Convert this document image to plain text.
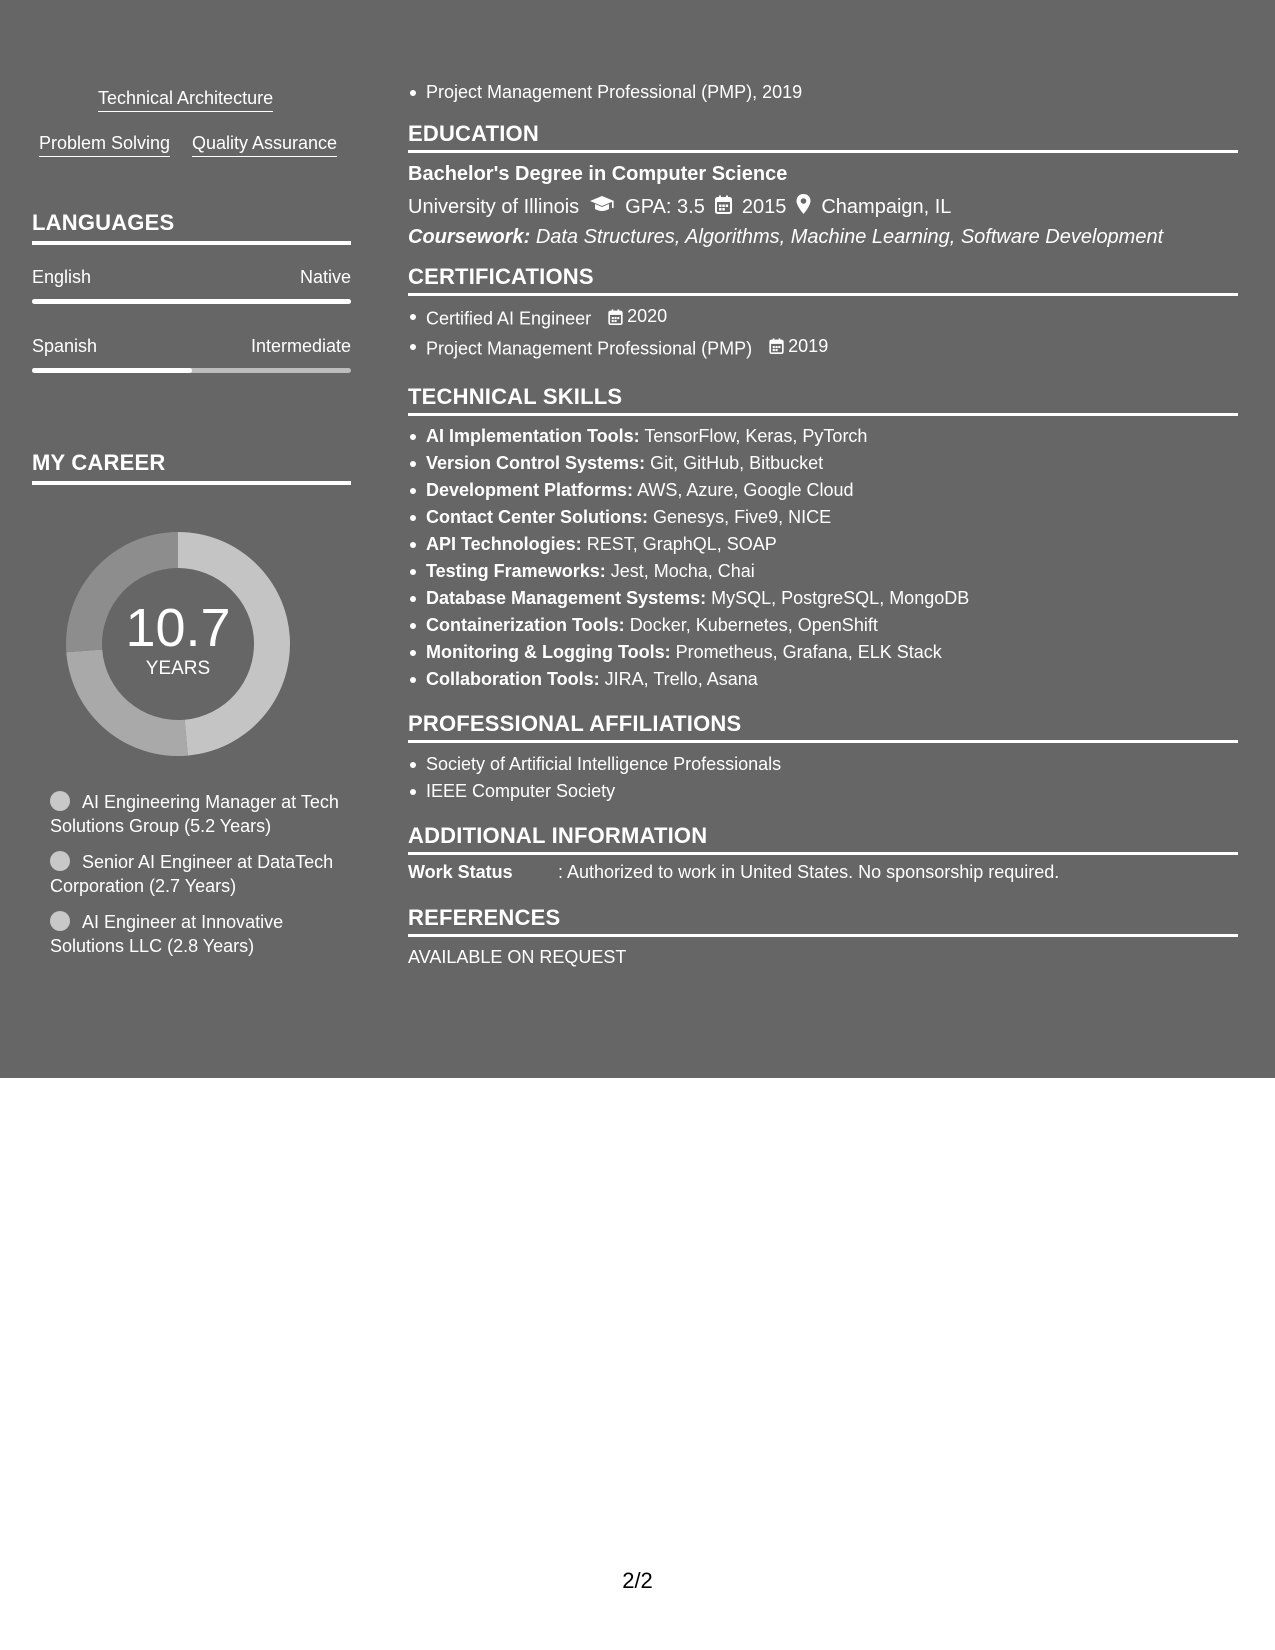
Technical Architecture
Problem Solving Quality Assurance
LANGUAGES
English	Native
Spanish	Intermediate
MY CAREER
10.7
YEARS
AI Engineering Manager at Tech Solutions Group (5.2 Years)
Senior AI Engineer at DataTech Corporation (2.7 Years)
AI Engineer at Innovative Solutions LLC (2.8 Years)
Project Management Professional (PMP), 2019
EDUCATION
Bachelor's Degree in Computer Science
University of Illinois GPA: 3.5 2015 Champaign, IL
Coursework: Data Structures, Algorithms, Machine Learning, Software Development
CERTIFICATIONS
Certified AI Engineer 2020
Project Management Professional (PMP) 2019
TECHNICAL SKILLS
AI Implementation Tools: TensorFlow, Keras, PyTorch
Version Control Systems: Git, GitHub, Bitbucket
Development Platforms: AWS, Azure, Google Cloud
Contact Center Solutions: Genesys, Five9, NICE
API Technologies: REST, GraphQL, SOAP
Testing Frameworks: Jest, Mocha, Chai
Database Management Systems: MySQL, PostgreSQL, MongoDB
Containerization Tools: Docker, Kubernetes, OpenShift
Monitoring & Logging Tools: Prometheus, Grafana, ELK Stack
Collaboration Tools: JIRA, Trello, Asana
PROFESSIONAL AFFILIATIONS
Society of Artificial Intelligence Professionals
IEEE Computer Society
ADDITIONAL INFORMATION
Work Status	: Authorized to work in United States. No sponsorship required.
REFERENCES
AVAILABLE ON REQUEST
2/2
